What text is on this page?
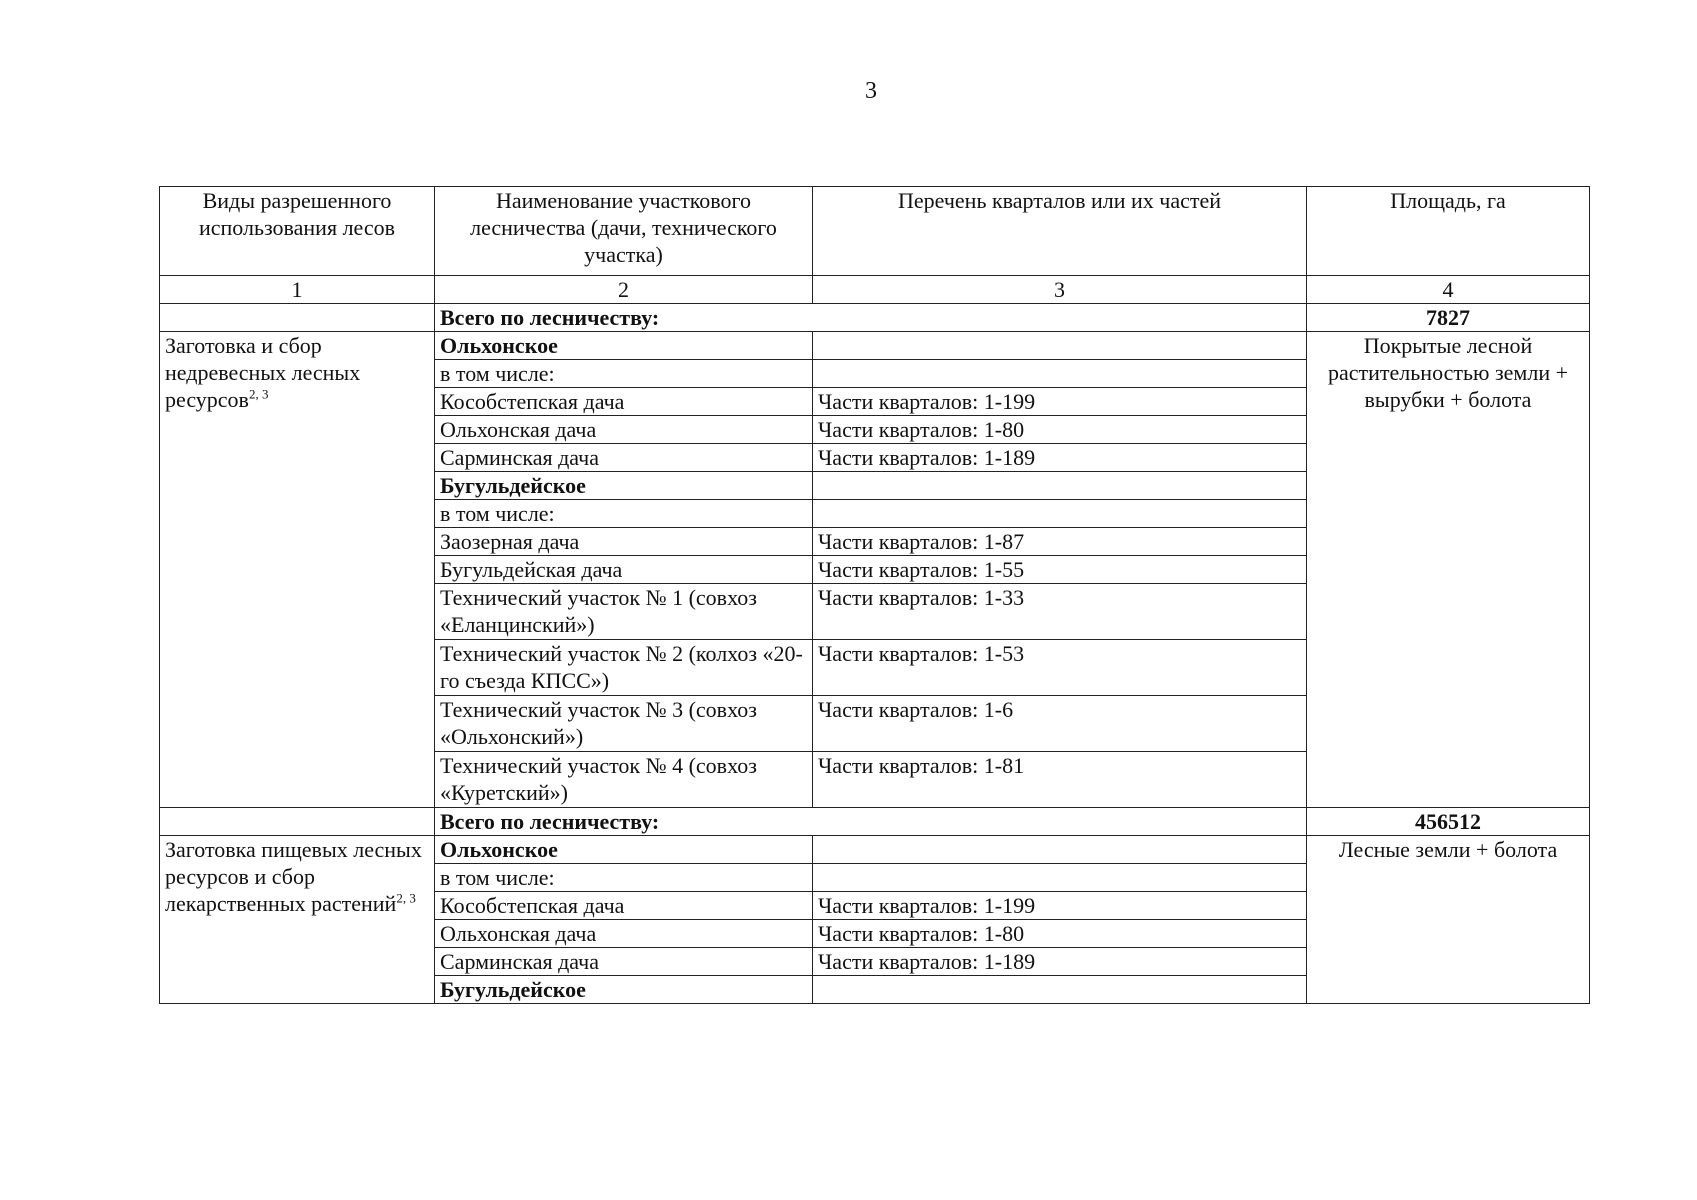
3
Виды разрешенного использования лесов	Наименование участкового лесничества (дачи, технического участка)	Перечень кварталов или их частей	Площадь, га
1	2	3	4
	Всего по лесничеству:		7827
Заготовка и сбор недревесных лесных ресурсов$^{2, 3}$	Ольхонское		Покрытые лесной растительностью земли + вырубки + болота
	в том числе:		
	Кособстепская дача	Части кварталов: 1-199	
	Ольхонская дача	Части кварталов: 1-80	
	Сарминская дача	Части кварталов: 1-189	
	Бугульдейское		
	в том числе:		
	Заозерная дача	Части кварталов: 1-87	
	Бугульдейская дача	Части кварталов: 1-55	
	Технический участок № 1 (совхоз «Еланцинский»)	Части кварталов: 1-33	
	Технический участок № 2 (колхоз «20-го съезда КПСС»)	Части кварталов: 1-53	
	Технический участок № 3 (совхоз «Ольхонский»)	Части кварталов: 1-6	
	Технический участок № 4 (совхоз «Куретский»)	Части кварталов: 1-81	
	Всего по лесничеству:		456512
Заготовка пищевых лесных ресурсов и сбор лекарственных растений$^{2, 3}$	Ольхонское		Лесные земли + болота
	в том числе:		
	Кособстепская дача	Части кварталов: 1-199	
	Ольхонская дача	Части кварталов: 1-80	
	Сарминская дача	Части кварталов: 1-189	
	Бугульдейское		
